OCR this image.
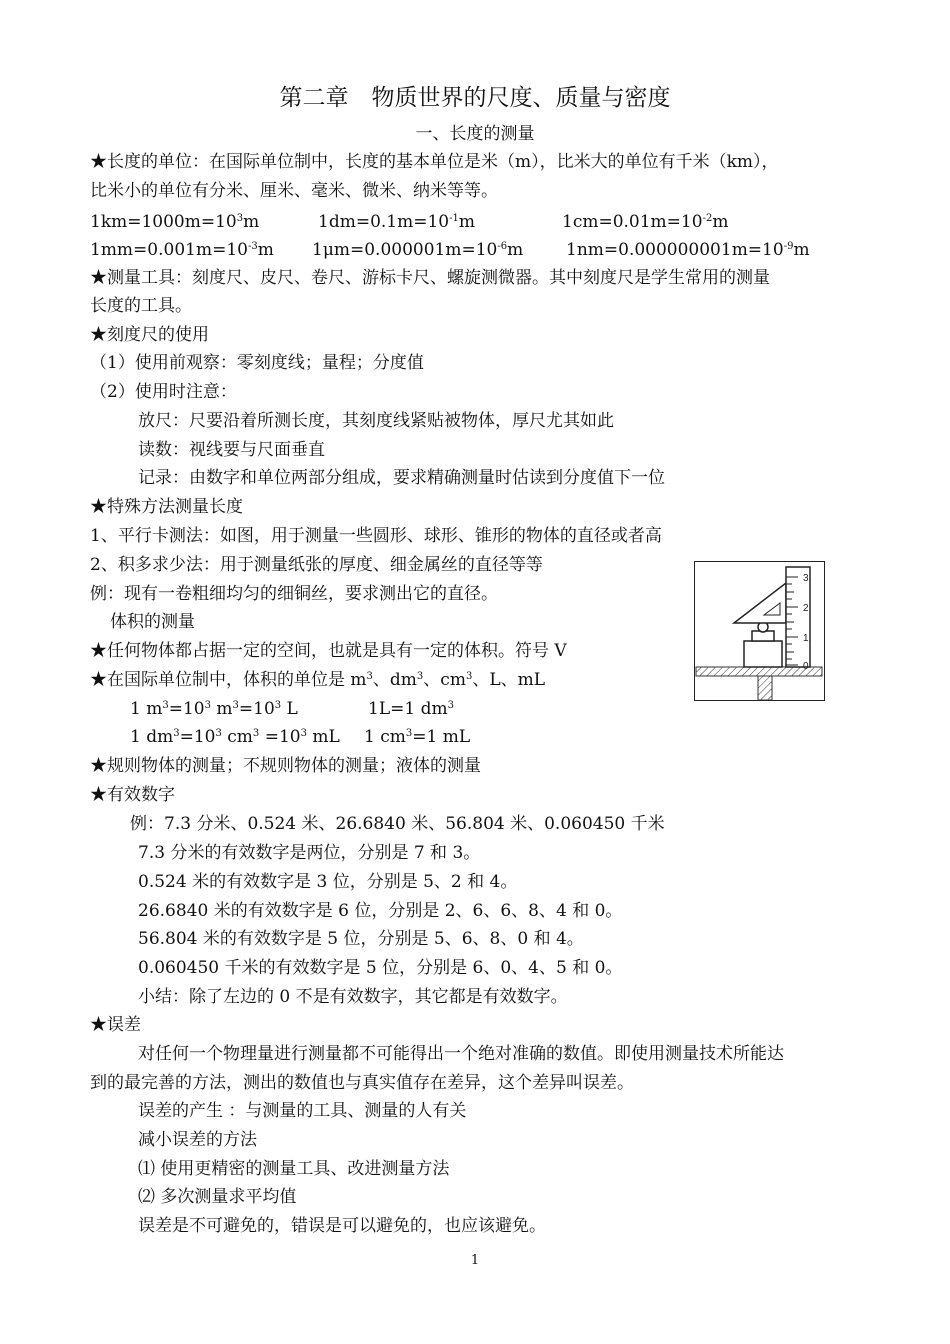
第二章　物质世界的尺度、质量与密度
一、长度的测量
★长度的单位：在国际单位制中，长度的基本单位是米（m），比米大的单位有千米（km），
比米小的单位有分米、厘米、毫米、微米、纳米等等。
$1km=1000m=10^3m$	$1dm=0.1m=10^{-1}m$	$1cm=0.01m=10^{-2}m$
$1mm=0.001m=10^{-3}m$ $1\mu m=0.000001m=10^{-6}m$	$1nm=0.000000001m=10^{-9}m$
★测量工具：刻度尺、皮尺、卷尺、游标卡尺、螺旋测微器。其中刻度尺是学生常用的测量
长度的工具。
★刻度尺的使用
（1）使用前观察：零刻度线；量程；分度值
（2）使用时注意：
放尺：尺要沿着所测长度，其刻度线紧贴被物体，厚尺尤其如此
读数：视线要与尺面垂直
记录：由数字和单位两部分组成，要求精确测量时估读到分度值下一位
★特殊方法测量长度
1、平行卡测法：如图，用于测量一些圆形、球形、锥形的物体的直径或者高
2、积多求少法：用于测量纸张的厚度、细金属丝的直径等等
例：现有一卷粗细均匀的细铜丝，要求测出它的直径。
体积的测量
★任何物体都占据一定的空间，也就是具有一定的体积。符号 V
★在国际单位制中，体积的单位是 $m^3$、$dm^3$、$cm^3$、L、mL
1 $m^3=10^3$ $m^3=10^3$ L	1L=1 $dm^3$
1 $dm^3=10^3$ $cm^3 =10^3$ mL 1 $cm^3=1$ mL
★规则物体的测量；不规则物体的测量；液体的测量
★有效数字
例：7.3 分米、0.524 米、26.6840 米、56.804 米、0.060450 千米
7.3 分米的有效数字是两位，分别是 7 和 3。
0.524 米的有效数字是 3 位，分别是 5、2 和 4。
26.6840 米的有效数字是 6 位，分别是 2、6、6、8、4 和 0。
56.804 米的有效数字是 5 位，分别是 5、6、8、0 和 4。
0.060450 千米的有效数字是 5 位，分别是 6、0、4、5 和 0。
小结：除了左边的 0 不是有效数字，其它都是有效数字。
★误差
对任何一个物理量进行测量都不可能得出一个绝对准确的数值。即使用测量技术所能达
到的最完善的方法，测出的数值也与真实值存在差异，这个差异叫误差。
误差的产生 ：与测量的工具、测量的人有关
减小误差的方法
⑴ 使用更精密的测量工具、改进测量方法
⑵ 多次测量求平均值
误差是不可避免的，错误是可以避免的，也应该避免。
3
2
1
0
1
